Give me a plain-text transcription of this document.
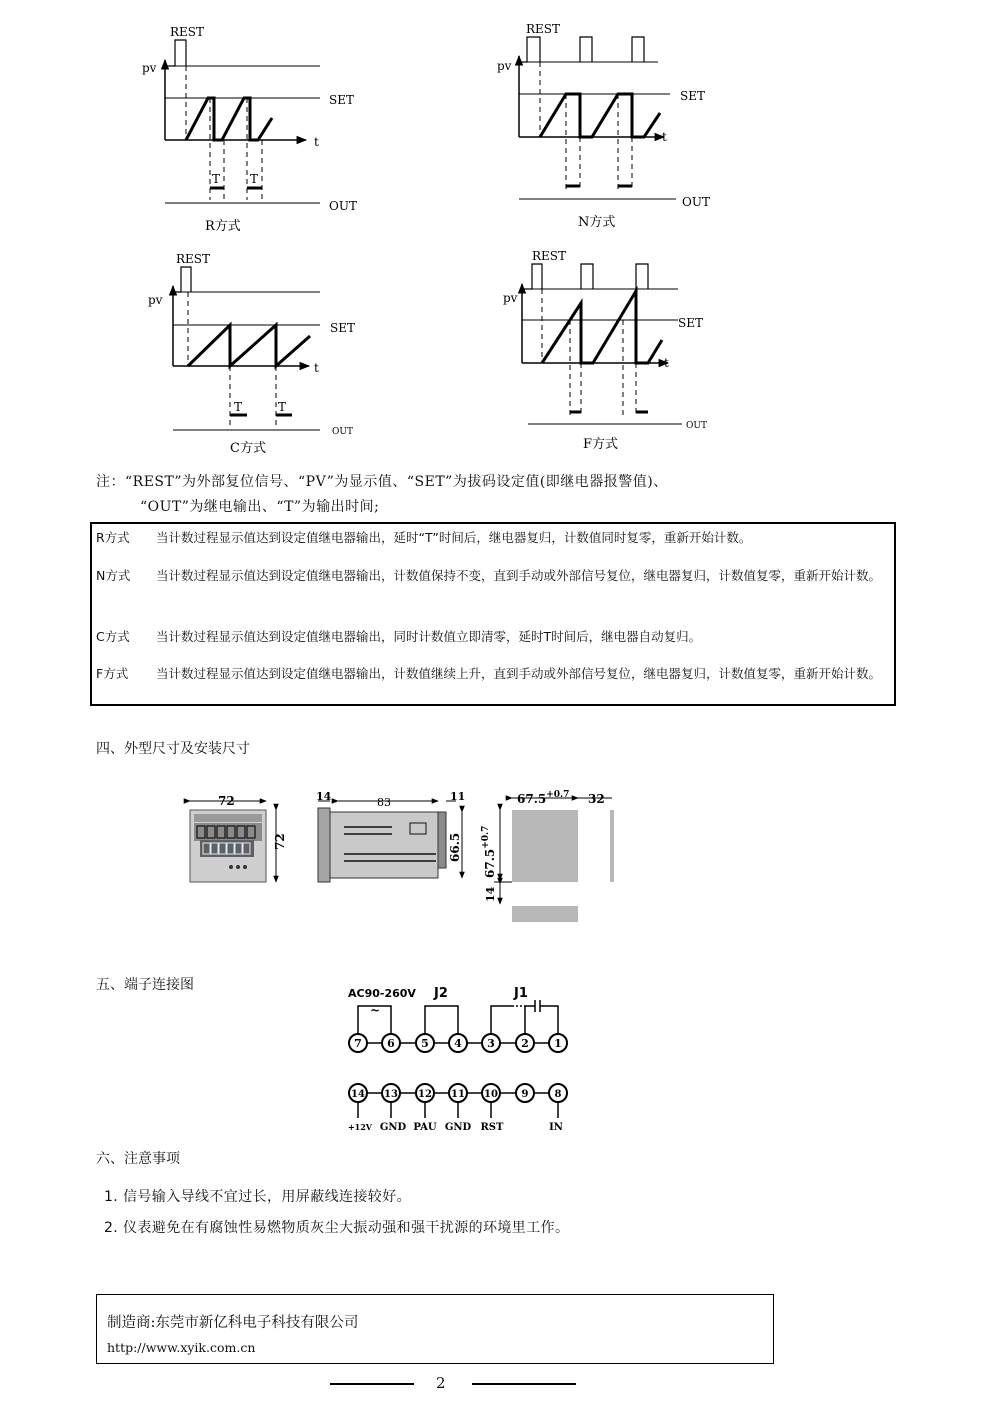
REST
pv
SET
t
OUT
T T
R方式
REST
pv
SET
t
OUT
N方式
REST
pv
SET
t
OUT
T	T
C方式
REST
pv
SET
t
OUT
F方式
注：“REST”为外部复位信号、“PV”为显示值、“SET”为拔码设定值(即继电器报警值)、
“OUT”为继电输出、“T”为输出时间;
R方式	当计数过程显示值达到设定值继电器输出，延时“T”时间后，继电器复归，计数值同时复零，重新开始计数。
N方式	当计数过程显示值达到设定值继电器输出，计数值保持不变，直到手动或外部信号复位，继电器复归，计数值复零，重新开始计数。
C方式	当计数过程显示值达到设定值继电器输出，同时计数值立即清零，延时T时间后，继电器自动复归。
F方式	当计数过程显示值达到设定值继电器输出，计数值继续上升，直到手动或外部信号复位，继电器复归，计数值复零，重新开始计数。
四、外型尺寸及安装尺寸
72
72
14	83	11
66.5
$67.5^{+0.7}$ 32
$67.5^{+0.7}$
14
五、端子连接图
AC90-260V
~
J2	J1
7 6 5 4 3 2 1
14 13 12 11 10 9	8
+12V GND PAU GND RST	IN
六、注意事项
1. 信号输入导线不宜过长，用屏蔽线连接较好。
2. 仪表避免在有腐蚀性易燃物质灰尘大振动强和强干扰源的环境里工作。
制造商:东莞市新亿科电子科技有限公司
http://www.xyik.com.cn
2
